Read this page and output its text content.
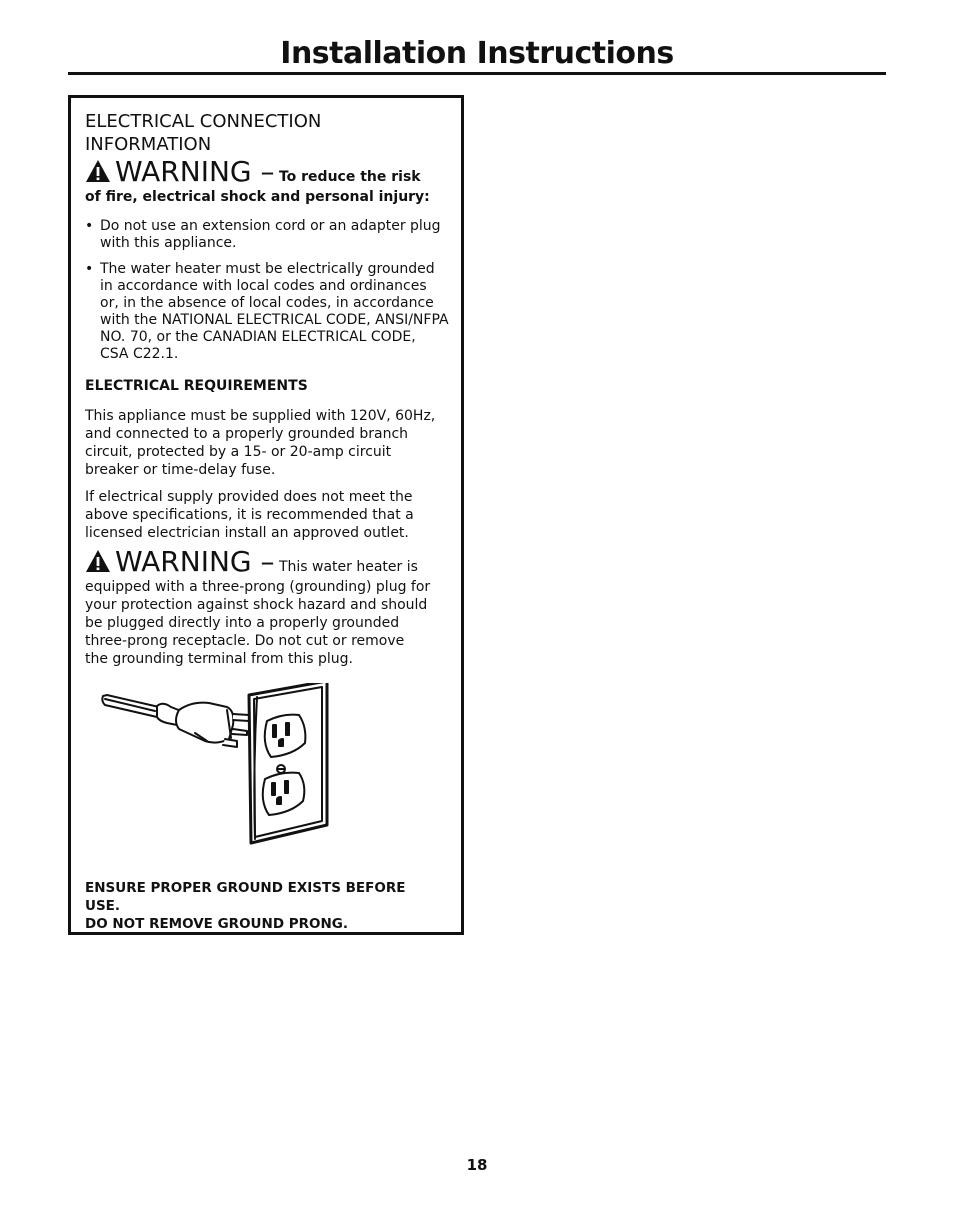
Installation Instructions
ELECTRICAL CONNECTION
INFORMATION
WARNING – To reduce the risk
of fire, electrical shock and personal injury:
• Do not use an extension cord or an adapter plug
with this appliance.
• The water heater must be electrically grounded
in accordance with local codes and ordinances
or, in the absence of local codes, in accordance
with the NATIONAL ELECTRICAL CODE, ANSI/NFPA
NO. 70, or the CANADIAN ELECTRICAL CODE,
CSA C22.1.
ELECTRICAL REQUIREMENTS
This appliance must be supplied with 120V, 60Hz,
and connected to a properly grounded branch
circuit, protected by a 15- or 20-amp circuit
breaker or time-delay fuse.
If electrical supply provided does not meet the
above specifications, it is recommended that a
licensed electrician install an approved outlet.
WARNING – This water heater is
equipped with a three-prong (grounding) plug for
your protection against shock hazard and should
be plugged directly into a properly grounded
three-prong receptacle. Do not cut or remove
the grounding terminal from this plug.
ENSURE PROPER GROUND EXISTS BEFORE USE.
DO NOT REMOVE GROUND PRONG.
18
